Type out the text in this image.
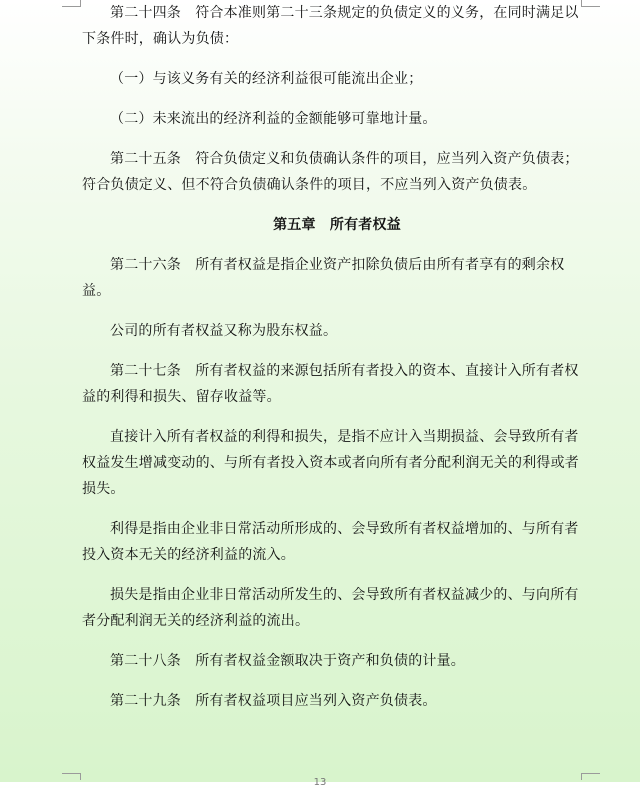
第二十四条　符合本准则第二十三条规定的负债定义的义务，在同时满足以下条件时，确认为负债：

（一）与该义务有关的经济利益很可能流出企业；

（二）未来流出的经济利益的金额能够可靠地计量。

第二十五条　符合负债定义和负债确认条件的项目，应当列入资产负债表；符合负债定义、但不符合负债确认条件的项目，不应当列入资产负债表。

第五章　所有者权益

第二十六条　所有者权益是指企业资产扣除负债后由所有者享有的剩余权益。

公司的所有者权益又称为股东权益。

第二十七条　所有者权益的来源包括所有者投入的资本、直接计入所有者权益的利得和损失、留存收益等。

直接计入所有者权益的利得和损失，是指不应计入当期损益、会导致所有者权益发生增减变动的、与所有者投入资本或者向所有者分配利润无关的利得或者损失。

利得是指由企业非日常活动所形成的、会导致所有者权益增加的、与所有者投入资本无关的经济利益的流入。

损失是指由企业非日常活动所发生的、会导致所有者权益减少的、与向所有者分配利润无关的经济利益的流出。

第二十八条　所有者权益金额取决于资产和负债的计量。

第二十九条　所有者权益项目应当列入资产负债表。

13
